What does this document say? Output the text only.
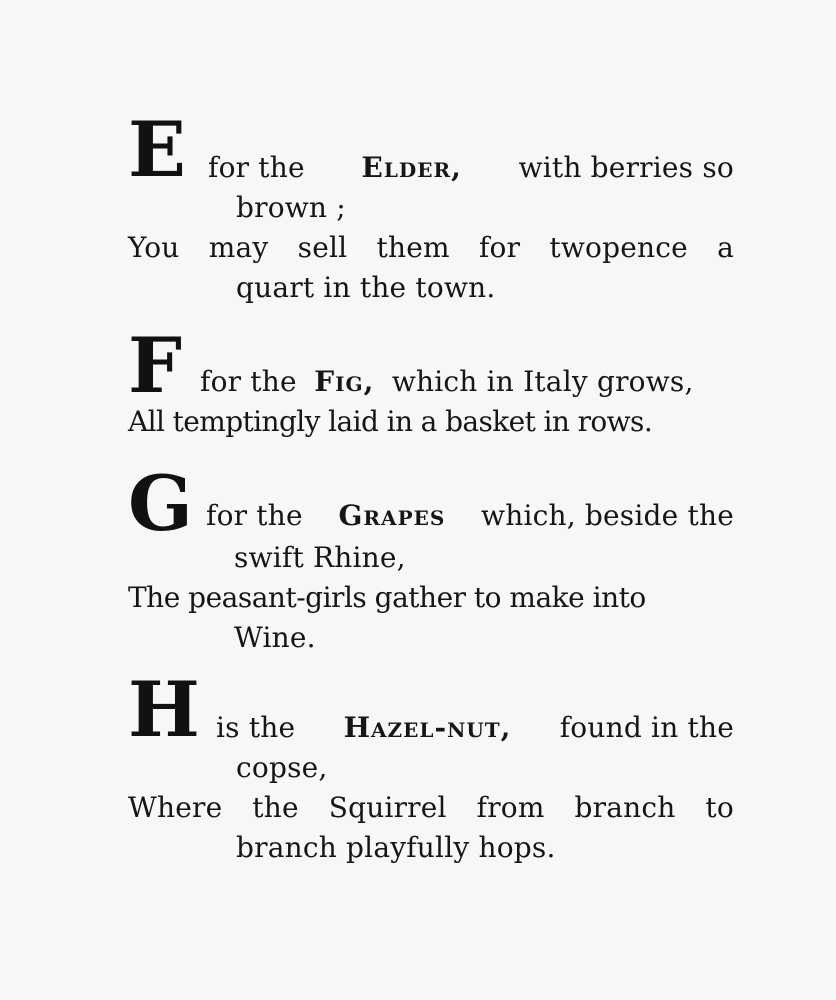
E for the Elder, with berries so
brown ;
You may sell them for twopence a
quart in the town.
F for the Fig, which in Italy grows,
All temptingly laid in a basket in rows.
G for the Grapes which, beside the
swift Rhine,
The peasant-girls gather to make into
Wine.
H is the Hazel-nut, found in the
copse,
Where the Squirrel from branch to
branch playfully hops.
